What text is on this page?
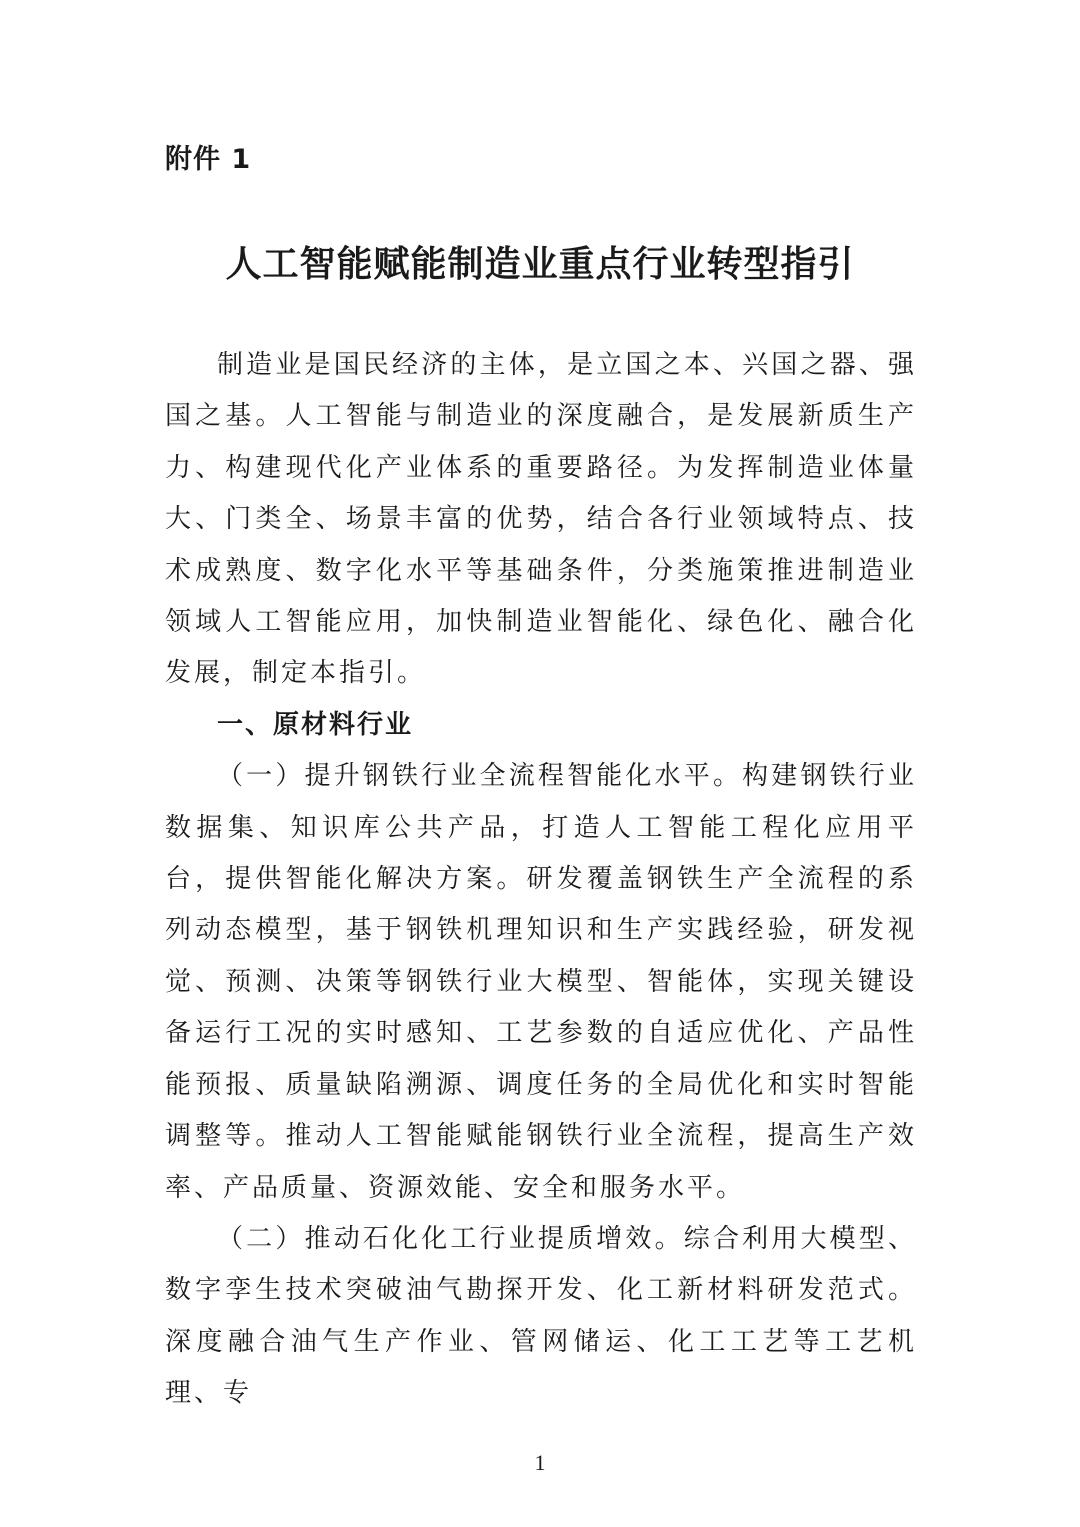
附件 1
人工智能赋能制造业重点行业转型指引

制造业是国民经济的主体，是立国之本、兴国之器、强国之基。人工智能与制造业的深度融合，是发展新质生产力、构建现代化产业体系的重要路径。为发挥制造业体量大、门类全、场景丰富的优势，结合各行业领域特点、技术成熟度、数字化水平等基础条件，分类施策推进制造业领域人工智能应用，加快制造业智能化、绿色化、融合化发展，制定本指引。

一、原材料行业

（一）提升钢铁行业全流程智能化水平。构建钢铁行业数据集、知识库公共产品，打造人工智能工程化应用平台，提供智能化解决方案。研发覆盖钢铁生产全流程的系列动态模型，基于钢铁机理知识和生产实践经验，研发视觉、预测、决策等钢铁行业大模型、智能体，实现关键设备运行工况的实时感知、工艺参数的自适应优化、产品性能预报、质量缺陷溯源、调度任务的全局优化和实时智能调整等。推动人工智能赋能钢铁行业全流程，提高生产效率、产品质量、资源效能、安全和服务水平。

（二）推动石化化工行业提质增效。综合利用大模型、数字孪生技术突破油气勘探开发、化工新材料研发范式。深度融合油气生产作业、管网储运、化工工艺等工艺机理、专

1
